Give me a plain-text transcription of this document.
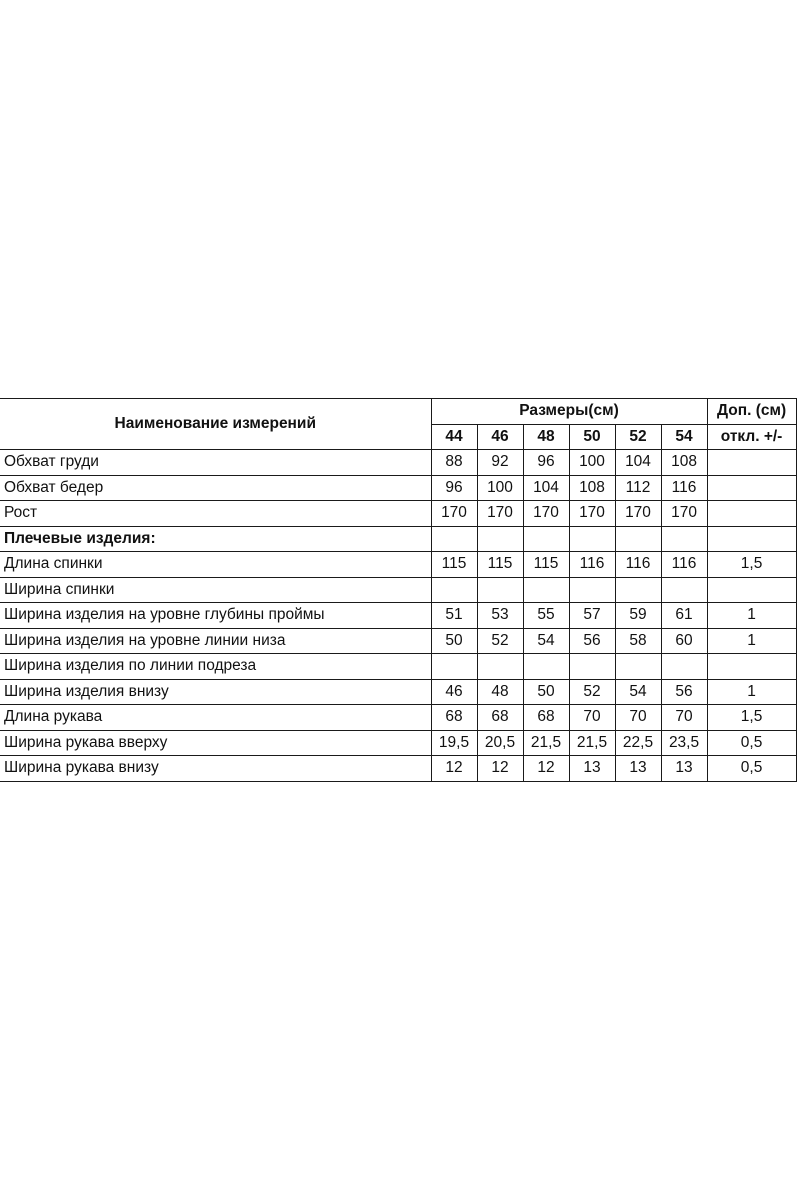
Наименование измерений	Размеры(см)						Доп. (см)
	44	46	48	50	52	54	откл. +/-
Обхват груди	88	92	96	100	104	108	
Обхват бедер	96	100	104	108	112	116	
Рост	170	170	170	170	170	170	
Плечевые изделия:							
Длина спинки	115	115	115	116	116	116	1,5
Ширина спинки							
Ширина изделия на уровне глубины проймы	51	53	55	57	59	61	1
Ширина изделия на уровне линии низа	50	52	54	56	58	60	1
Ширина изделия по линии подреза							
Ширина изделия внизу	46	48	50	52	54	56	1
Длина рукава	68	68	68	70	70	70	1,5
Ширина рукава вверху	19,5	20,5	21,5	21,5	22,5	23,5	0,5
Ширина рукава внизу	12	12	12	13	13	13	0,5
